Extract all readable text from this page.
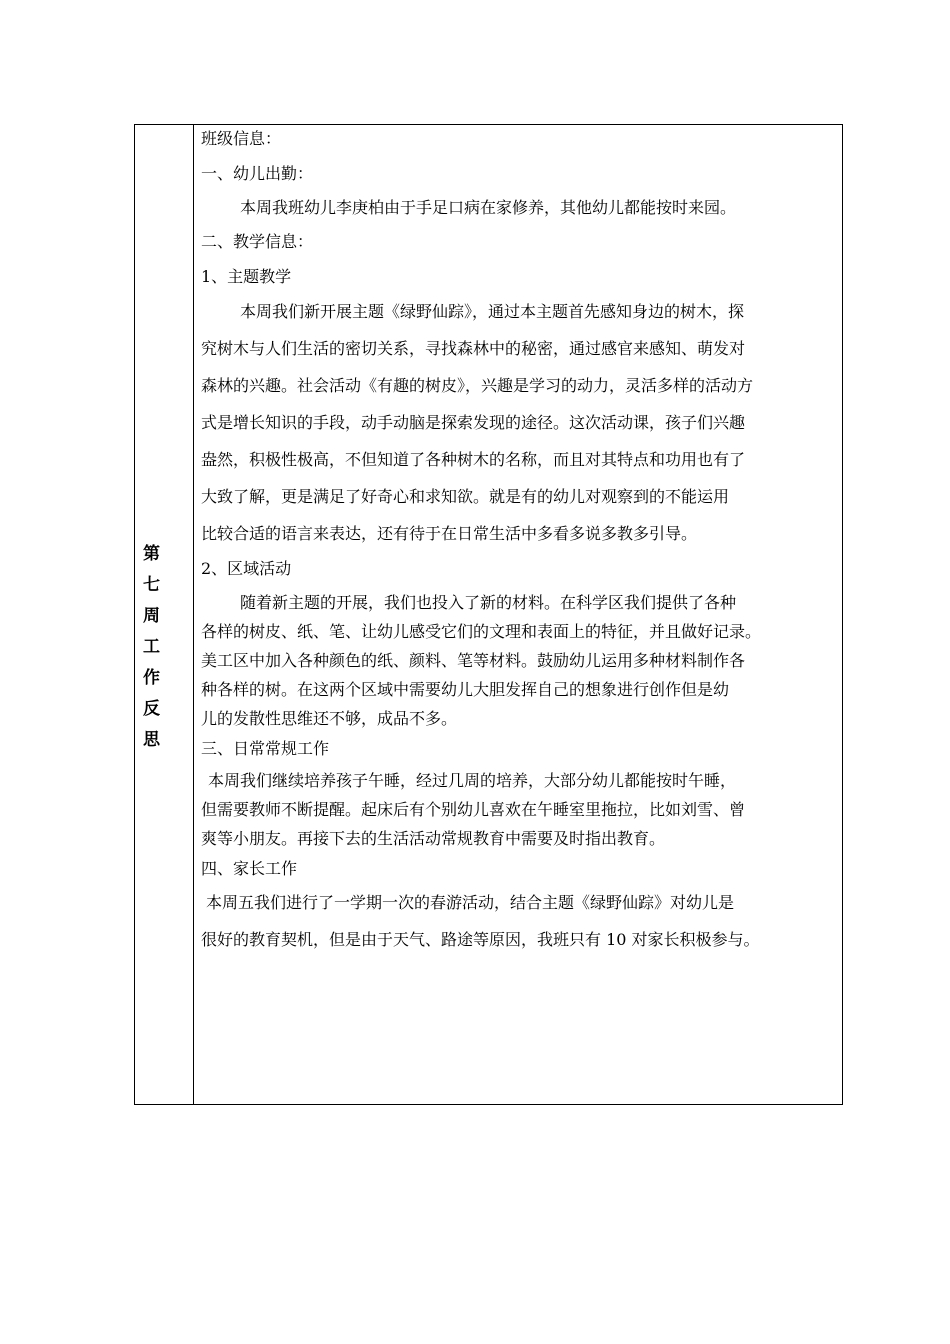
第七周工作反思
班级信息：
一、幼儿出勤：
本周我班幼儿李庚柏由于手足口病在家修养，其他幼儿都能按时来园。
二、教学信息：
1、主题教学
本周我们新开展主题《绿野仙踪》，通过本主题首先感知身边的树木，探
究树木与人们生活的密切关系，寻找森林中的秘密，通过感官来感知、萌发对
森林的兴趣。社会活动《有趣的树皮》，兴趣是学习的动力，灵活多样的活动方
式是增长知识的手段，动手动脑是探索发现的途径。这次活动课，孩子们兴趣
盎然，积极性极高，不但知道了各种树木的名称，而且对其特点和功用也有了
大致了解，更是满足了好奇心和求知欲。就是有的幼儿对观察到的不能运用
比较合适的语言来表达，还有待于在日常生活中多看多说多教多引导。
2、区域活动
随着新主题的开展，我们也投入了新的材料。在科学区我们提供了各种
各样的树皮、纸、笔、让幼儿感受它们的文理和表面上的特征，并且做好记录。
美工区中加入各种颜色的纸、颜料、笔等材料。鼓励幼儿运用多种材料制作各
种各样的树。在这两个区域中需要幼儿大胆发挥自己的想象进行创作但是幼
儿的发散性思维还不够，成品不多。
三、日常常规工作
本周我们继续培养孩子午睡，经过几周的培养，大部分幼儿都能按时午睡，
但需要教师不断提醒。起床后有个别幼儿喜欢在午睡室里拖拉，比如刘雪、曾
爽等小朋友。再接下去的生活活动常规教育中需要及时指出教育。
四、家长工作
本周五我们进行了一学期一次的春游活动，结合主题《绿野仙踪》对幼儿是
很好的教育契机，但是由于天气、路途等原因，我班只有 10 对家长积极参与。
